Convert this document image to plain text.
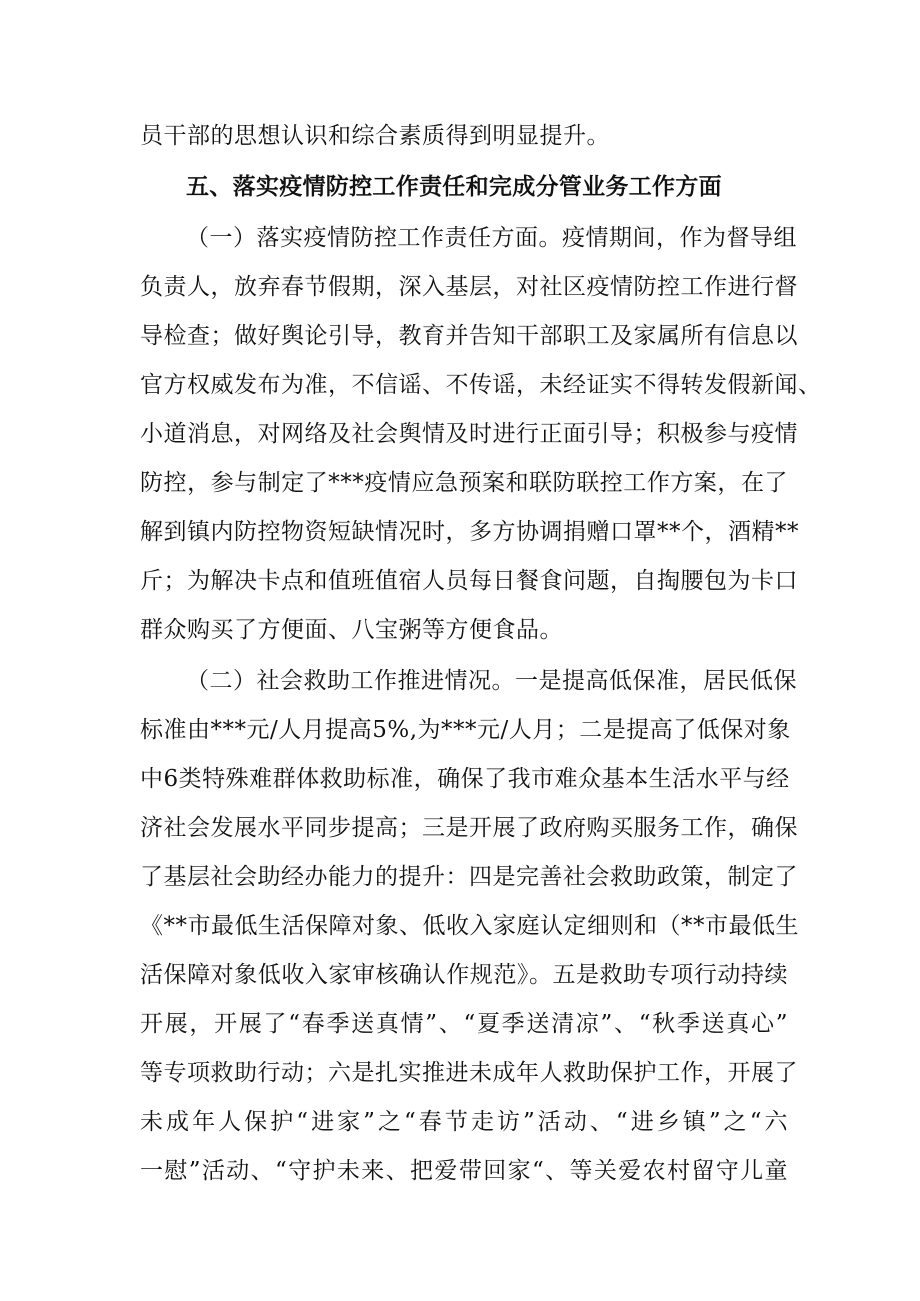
员干部的思想认识和综合素质得到明显提升。
五、落实疫情防控工作责任和完成分管业务工作方面
（一）落实疫情防控工作责任方面。疫情期间，作为督导组
负责人，放弃春节假期，深入基层，对社区疫情防控工作进行督
导检查；做好舆论引导，教育并告知干部职工及家属所有信息以
官方权威发布为准，不信谣、不传谣，未经证实不得转发假新闻、
小道消息，对网络及社会舆情及时进行正面引导；积极参与疫情
防控，参与制定了***疫情应急预案和联防联控工作方案，在了
解到镇内防控物资短缺情况时，多方协调捐赠口罩**个，酒精**
斤；为解决卡点和值班值宿人员每日餐食问题，自掏腰包为卡口
群众购买了方便面、八宝粥等方便食品。
（二）社会救助工作推进情况。一是提高低保准，居民低保
标准由***元/人月提高5%,为***元/人月；二是提高了低保对象
中6类特殊难群体救助标准，确保了我市难众基本生活水平与经
济社会发展水平同步提高；三是开展了政府购买服务工作，确保
了基层社会助经办能力的提升：四是完善社会救助政策，制定了
《**市最低生活保障对象、低收入家庭认定细则和（**市最低生
活保障对象低收入家审核确认作规范》。五是救助专项行动持续
开展，开展了“春季送真情”、“夏季送清凉”、“秋季送真心”
等专项救助行动；六是扎实推进未成年人救助保护工作，开展了
未成年人保护“进家”之“春节走访”活动、“进乡镇”之“六
一慰”活动、“守护未来、把爱带回家“、等关爱农村留守儿童
